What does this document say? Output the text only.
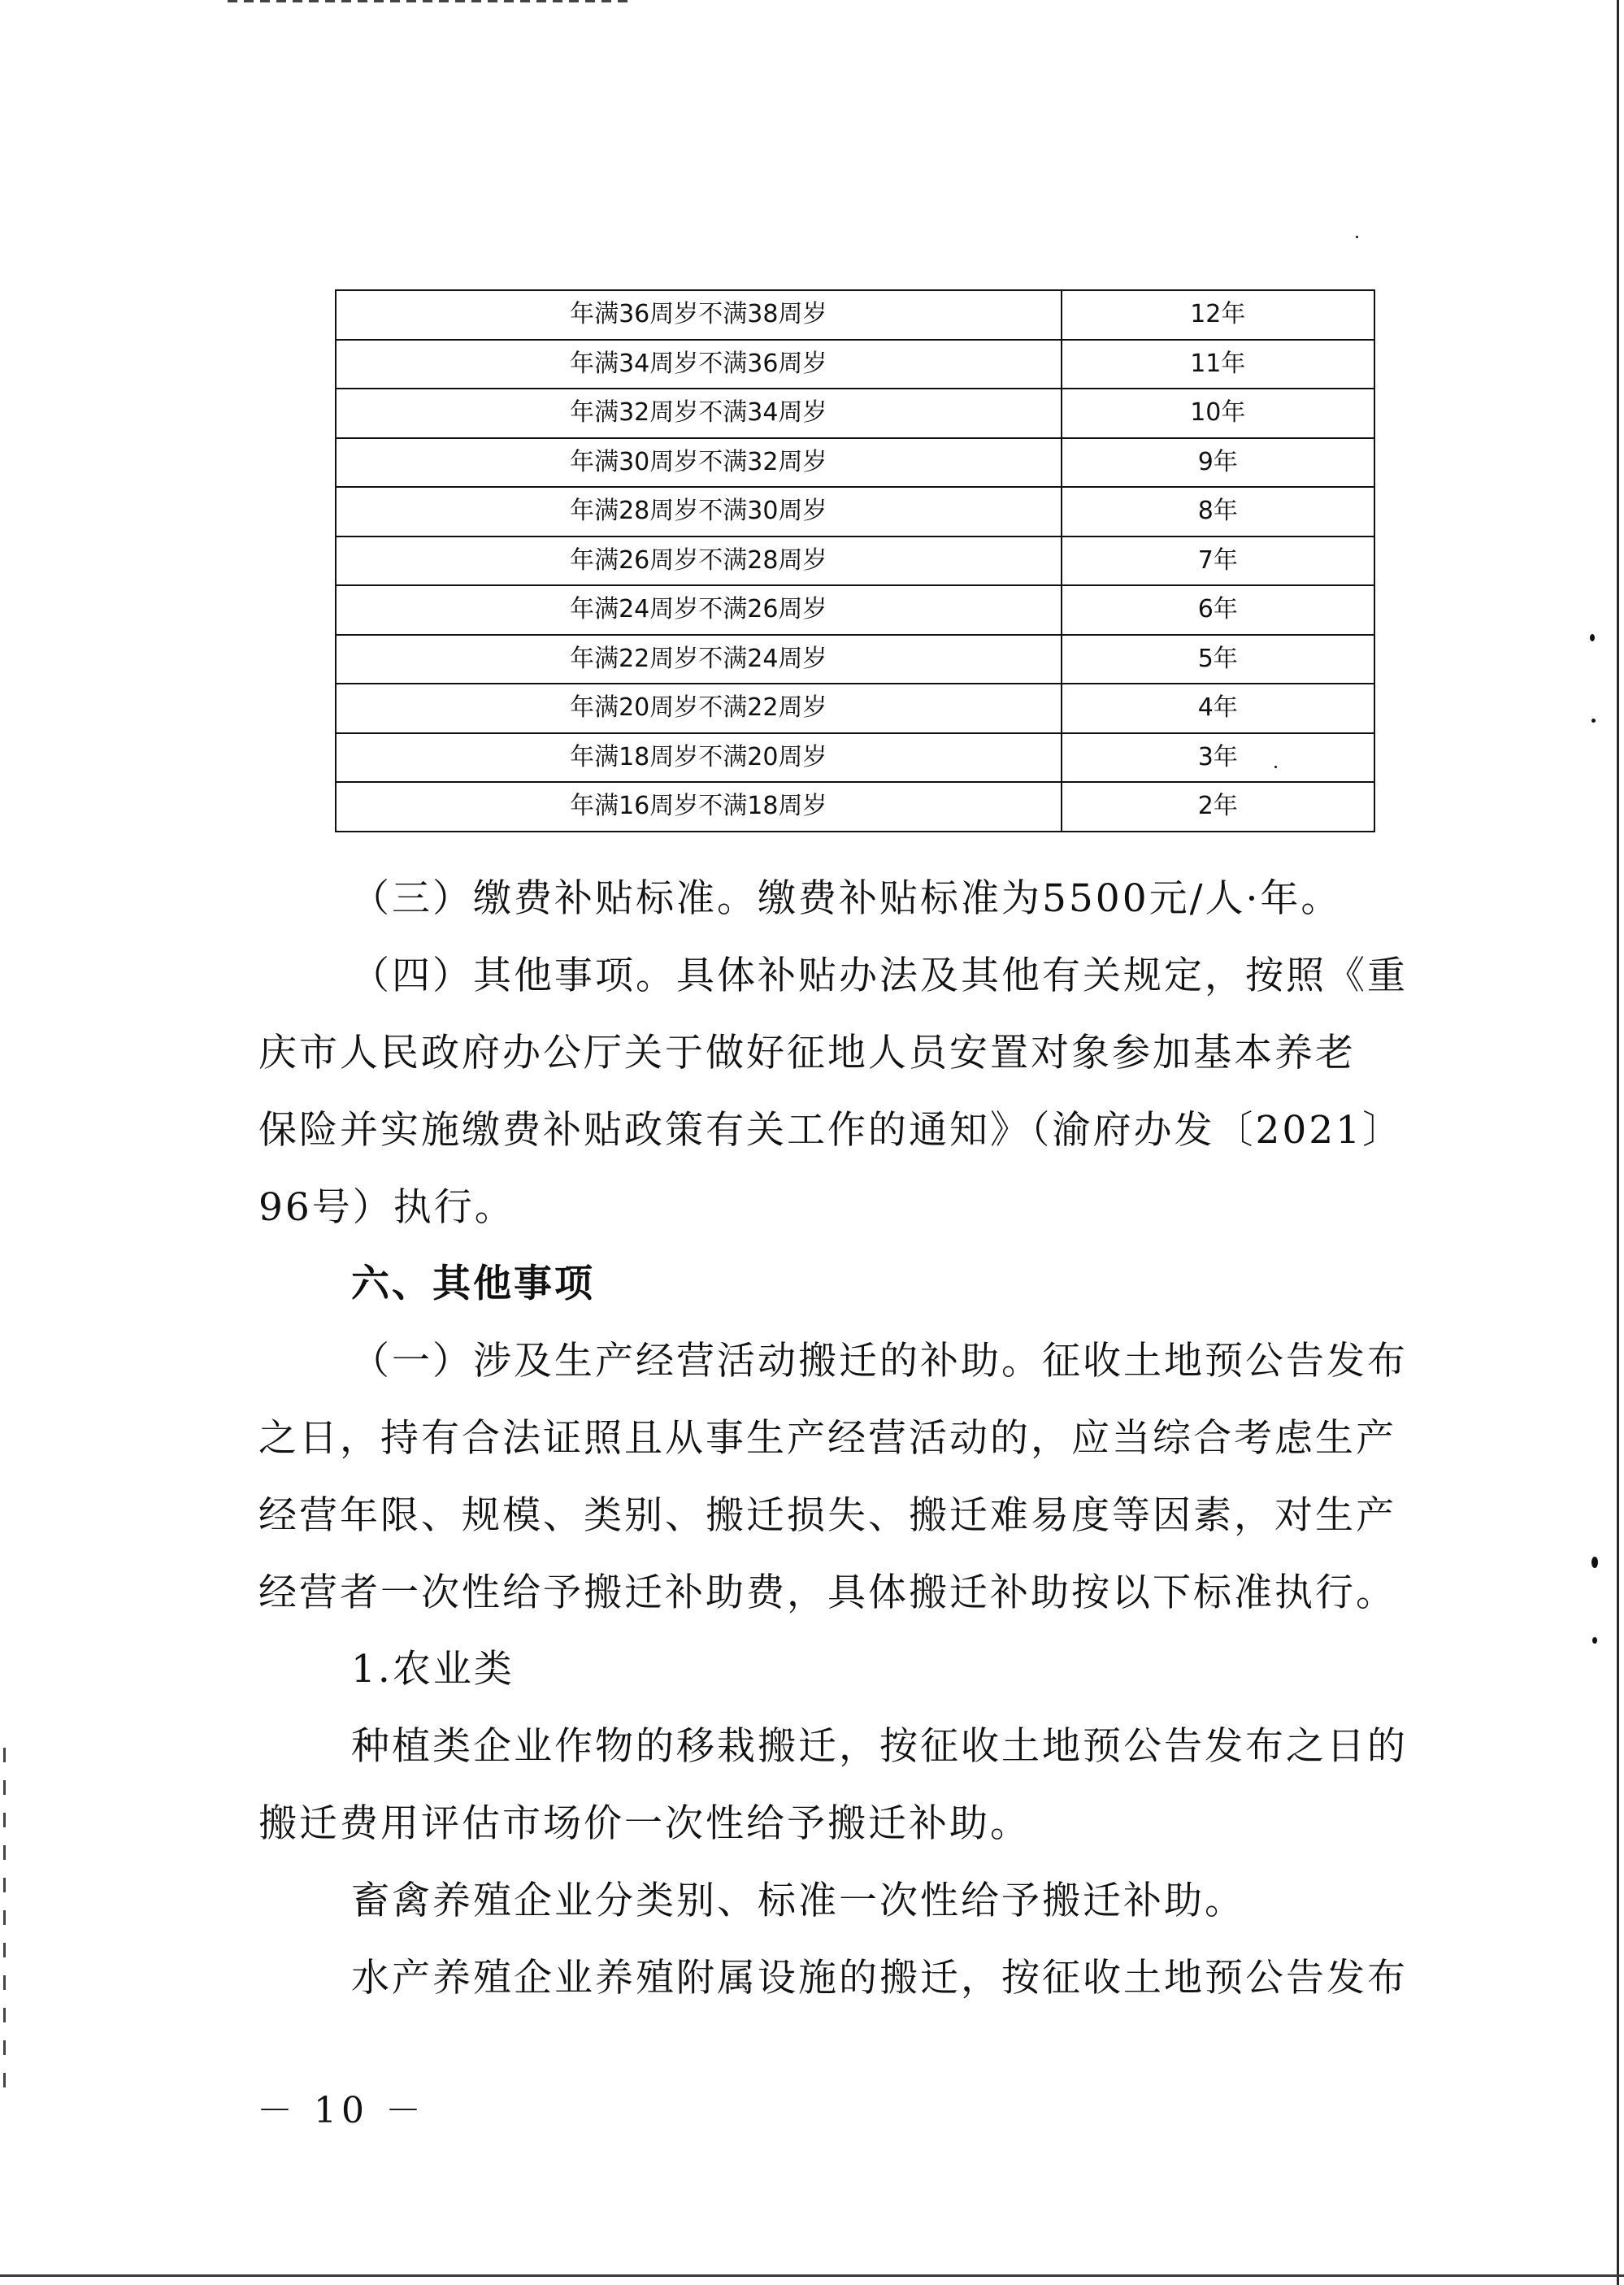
年满36周岁不满38周岁	12年
年满34周岁不满36周岁	11年
年满32周岁不满34周岁	10年
年满30周岁不满32周岁	9年
年满28周岁不满30周岁	8年
年满26周岁不满28周岁	7年
年满24周岁不满26周岁	6年
年满22周岁不满24周岁	5年
年满20周岁不满22周岁	4年
年满18周岁不满20周岁	3年
年满16周岁不满18周岁	2年
（三）缴费补贴标准。缴费补贴标准为5500元/人·年。
（四）其他事项。具体补贴办法及其他有关规定，按照《重
庆市人民政府办公厅关于做好征地人员安置对象参加基本养老
保险并实施缴费补贴政策有关工作的通知》（渝府办发〔2021〕
96号）执行。
六、其他事项
（一）涉及生产经营活动搬迁的补助。征收土地预公告发布
之日，持有合法证照且从事生产经营活动的，应当综合考虑生产
经营年限、规模、类别、搬迁损失、搬迁难易度等因素，对生产
经营者一次性给予搬迁补助费，具体搬迁补助按以下标准执行。
1.农业类
种植类企业作物的移栽搬迁，按征收土地预公告发布之日的
搬迁费用评估市场价一次性给予搬迁补助。
畜禽养殖企业分类别、标准一次性给予搬迁补助。
水产养殖企业养殖附属设施的搬迁，按征收土地预公告发布
－ 10 －
